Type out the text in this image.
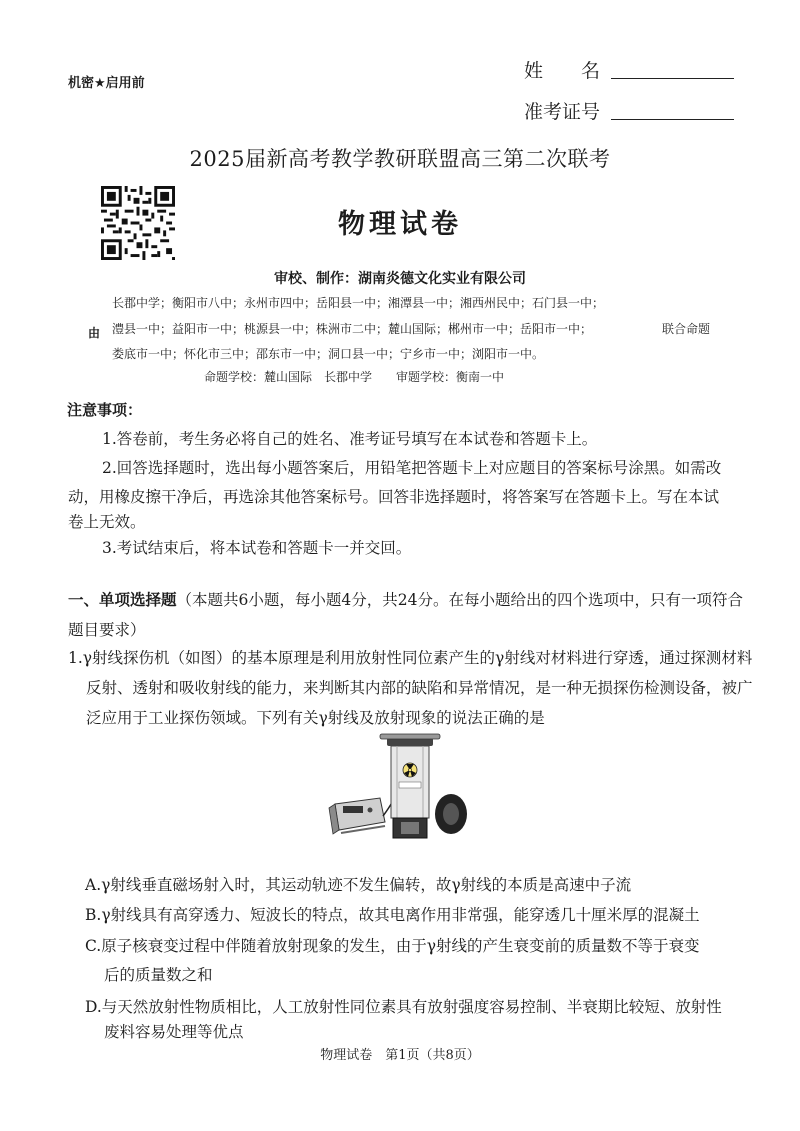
机密★启用前
姓　　名
准考证号
2025届新高考教学教研联盟高三第二次联考
物理试卷
审校、制作：湖南炎德文化实业有限公司
长郡中学；衡阳市八中；永州市四中；岳阳县一中；湘潭县一中；湘西州民中；石门县一中；
由 澧县一中；益阳市一中；桃源县一中；株洲市二中；麓山国际；郴州市一中；岳阳市一中；	联合命题
娄底市一中；怀化市三中；邵东市一中；洞口县一中；宁乡市一中；浏阳市一中。
命题学校：麓山国际　长郡中学　　审题学校：衡南一中
注意事项：
1.答卷前，考生务必将自己的姓名、准考证号填写在本试卷和答题卡上。
2.回答选择题时，选出每小题答案后，用铅笔把答题卡上对应题目的答案标号涂黑。如需改
动，用橡皮擦干净后，再选涂其他答案标号。回答非选择题时，将答案写在答题卡上。写在本试
卷上无效。
3.考试结束后，将本试卷和答题卡一并交回。
一、单项选择题（本题共6小题，每小题4分，共24分。在每小题给出的四个选项中，只有一项符合题目要求）
1.γ射线探伤机（如图）的基本原理是利用放射性同位素产生的γ射线对材料进行穿透，通过探测材料反射、透射和吸收射线的能力，来判断其内部的缺陷和异常情况，是一种无损探伤检测设备，被广泛应用于工业探伤领域。下列有关γ射线及放射现象的说法正确的是
A.γ射线垂直磁场射入时，其运动轨迹不发生偏转，故γ射线的本质是高速中子流
B.γ射线具有高穿透力、短波长的特点，故其电离作用非常强，能穿透几十厘米厚的混凝土
C.原子核衰变过程中伴随着放射现象的发生，由于γ射线的产生衰变前的质量数不等于衰变
后的质量数之和
D.与天然放射性物质相比，人工放射性同位素具有放射强度容易控制、半衰期比较短、放射性
废料容易处理等优点
物理试卷　第1页（共8页）
